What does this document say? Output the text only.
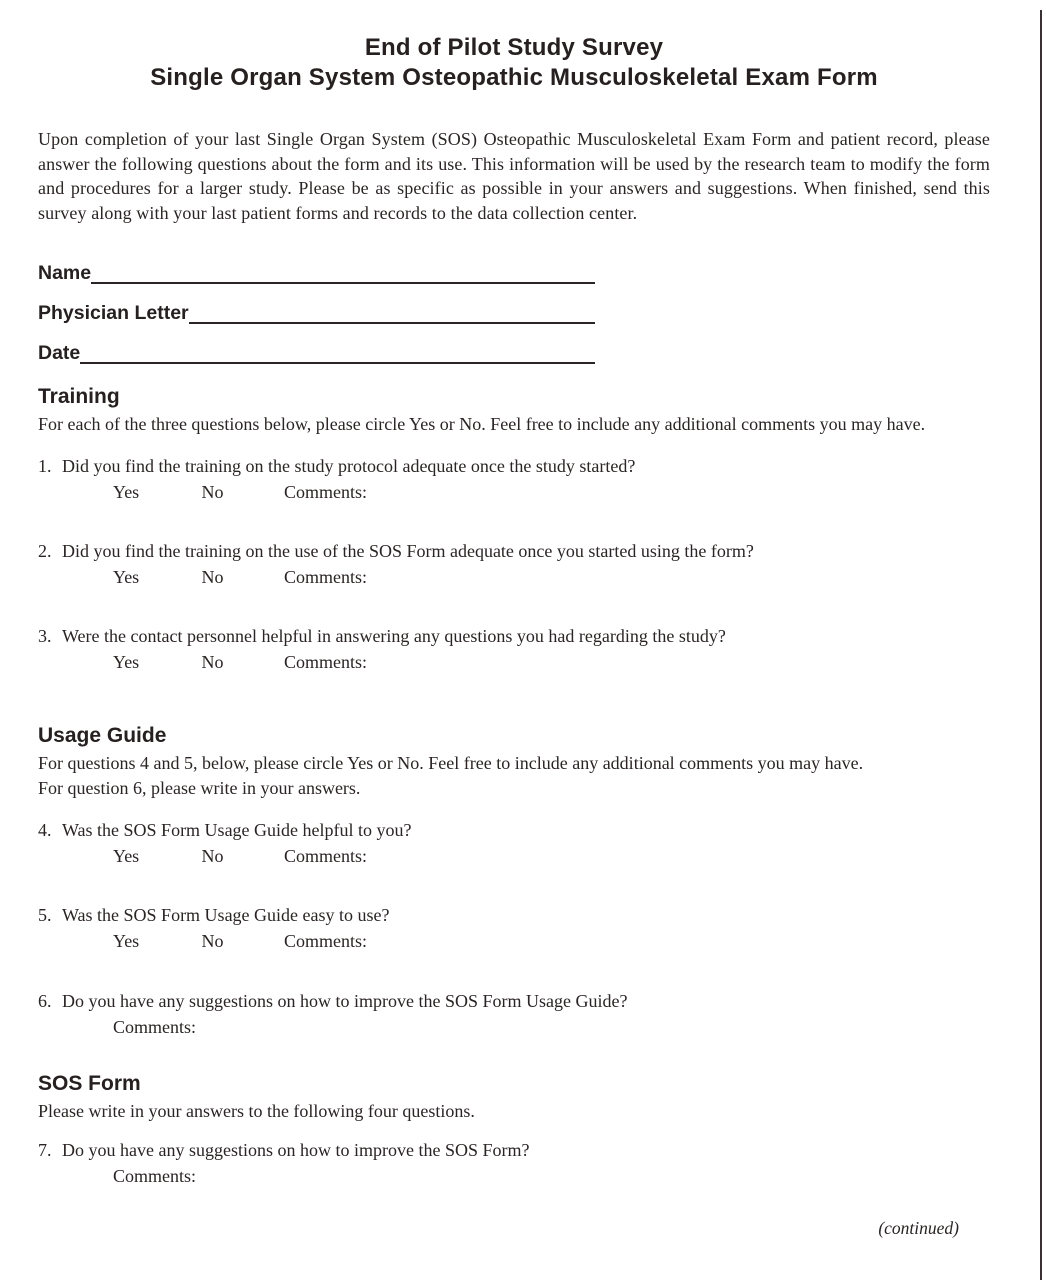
End of Pilot Study Survey
Single Organ System Osteopathic Musculoskeletal Exam Form
Upon completion of your last Single Organ System (SOS) Osteopathic Musculoskeletal Exam Form and patient record, please answer the following questions about the form and its use. This information will be used by the research team to modify the form and procedures for a larger study. Please be as specific as possible in your answers and suggestions. When finished, send this survey along with your last patient forms and records to the data collection center.
Name
Physician Letter
Date
Training
For each of the three questions below, please circle Yes or No. Feel free to include any additional comments you may have.
1. Did you find the training on the study protocol adequate once the study started?
Yes	No	Comments:
2. Did you find the training on the use of the SOS Form adequate once you started using the form?
Yes	No	Comments:
3. Were the contact personnel helpful in answering any questions you had regarding the study?
Yes	No	Comments:
Usage Guide
For questions 4 and 5, below, please circle Yes or No. Feel free to include any additional comments you may have.
For question 6, please write in your answers.
4. Was the SOS Form Usage Guide helpful to you?
Yes	No	Comments:
5. Was the SOS Form Usage Guide easy to use?
Yes	No	Comments:
6. Do you have any suggestions on how to improve the SOS Form Usage Guide?
Comments:
SOS Form
Please write in your answers to the following four questions.
7. Do you have any suggestions on how to improve the SOS Form?
Comments:
(continued)
